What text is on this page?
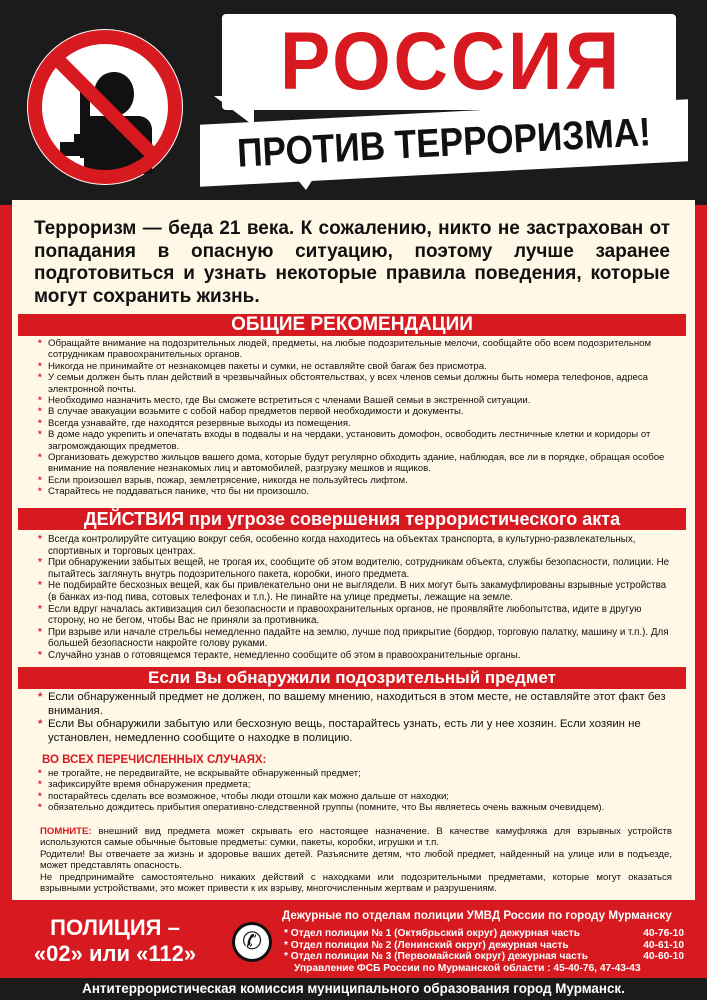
РОССИЯ
ПРОТИВ ТЕРРОРИЗМА!
Терроризм — беда 21 века. К сожалению, никто не застрахован от попадания в опасную ситуацию, поэтому лучше заранее подготовиться и узнать некоторые правила поведения, которые могут сохранить жизнь.
ОБЩИЕ РЕКОМЕНДАЦИИ
* Обращайте внимание на подозрительных людей, предметы, на любые подозрительные мелочи, сообщайте обо всем подозрительном сотрудникам правоохранительных органов.
* Никогда не принимайте от незнакомцев пакеты и сумки, не оставляйте свой багаж без присмотра.
* У семьи должен быть план действий в чрезвычайных обстоятельствах, у всех членов семьи должны быть номера телефонов, адреса электронной почты.
* Необходимо назначить место, где Вы сможете встретиться с членами Вашей семьи в экстренной ситуации.
* В случае эвакуации возьмите с собой набор предметов первой необходимости и документы.
* Всегда узнавайте, где находятся резервные выходы из помещения.
* В доме надо укрепить и опечатать входы в подвалы и на чердаки, установить домофон, освободить лестничные клетки и коридоры от загромождающих предметов.
* Организовать дежурство жильцов вашего дома, которые будут регулярно обходить здание, наблюдая, все ли в порядке, обращая особое внимание на появление незнакомых лиц и автомобилей, разгрузку мешков и ящиков.
* Если произошел взрыв, пожар, землетрясение, никогда не пользуйтесь лифтом.
* Старайтесь не поддаваться панике, что бы ни произошло.
ДЕЙСТВИЯ при угрозе совершения террористического акта
* Всегда контролируйте ситуацию вокруг себя, особенно когда находитесь на объектах транспорта, в культурно-развлекательных, спортивных и торговых центрах.
* При обнаружении забытых вещей, не трогая их, сообщите об этом водителю, сотрудникам объекта, службы безопасности, полиции. Не пытайтесь заглянуть внутрь подозрительного пакета, коробки, иного предмета.
* Не подбирайте бесхозных вещей, как бы привлекательно они не выглядели. В них могут быть закамуфлированы взрывные устройства (в банках из-под пива, сотовых телефонах и т.п.). Не пинайте на улице предметы, лежащие на земле.
* Если вдруг началась активизация сил безопасности и правоохранительных органов, не проявляйте любопытства, идите в другую сторону, но не бегом, чтобы Вас не приняли за противника.
* При взрыве или начале стрельбы немедленно падайте на землю, лучше под прикрытие (бордюр, торговую палатку, машину и т.п.). Для большей безопасности накройте голову руками.
* Случайно узнав о готовящемся теракте, немедленно сообщите об этом в правоохранительные органы.
Если Вы обнаружили подозрительный предмет
* Если обнаруженный предмет не должен, по вашему мнению, находиться в этом месте, не оставляйте этот факт без внимания.
* Если Вы обнаружили забытую или бесхозную вещь, постарайтесь узнать, есть ли у нее хозяин. Если хозяин не установлен, немедленно сообщите о находке в полицию.
ВО ВСЕХ ПЕРЕЧИСЛЕННЫХ СЛУЧАЯХ:
* не трогайте, не передвигайте, не вскрывайте обнаруженный предмет;
* зафиксируйте время обнаружения предмета;
* постарайтесь сделать все возможное, чтобы люди отошли как можно дальше от находки;
* обязательно дождитесь прибытия оперативно-следственной группы (помните, что Вы являетесь очень важным очевидцем).
ПОМНИТЕ: внешний вид предмета может скрывать его настоящее назначение. В качестве камуфляжа для взрывных устройств используются самые обычные бытовые предметы: сумки, пакеты, коробки, игрушки и т.п.
Родители! Вы отвечаете за жизнь и здоровье ваших детей. Разъясните детям, что любой предмет, найденный на улице или в подъезде, может представлять опасность.
Не предпринимайте самостоятельно никаких действий с находками или подозрительными предметами, которые могут оказаться взрывными устройствами, это может привести к их взрыву, многочисленным жертвам и разрушениям.
ПОЛИЦИЯ –
«02» или «112»	✆
Дежурные по отделам полиции УМВД России по городу Мурманску
* Отдел полиции № 1 (Октябрьский округ) дежурная часть	40-76-10
* Отдел полиции № 2 (Ленинский округ) дежурная часть	40-61-10
* Отдел полиции № 3 (Первомайский округ) дежурная часть	40-60-10
Управление ФСБ России по Мурманской области : 45-40-76, 47-43-43
Антитеррористическая комиссия муниципального образования город Мурманск.
